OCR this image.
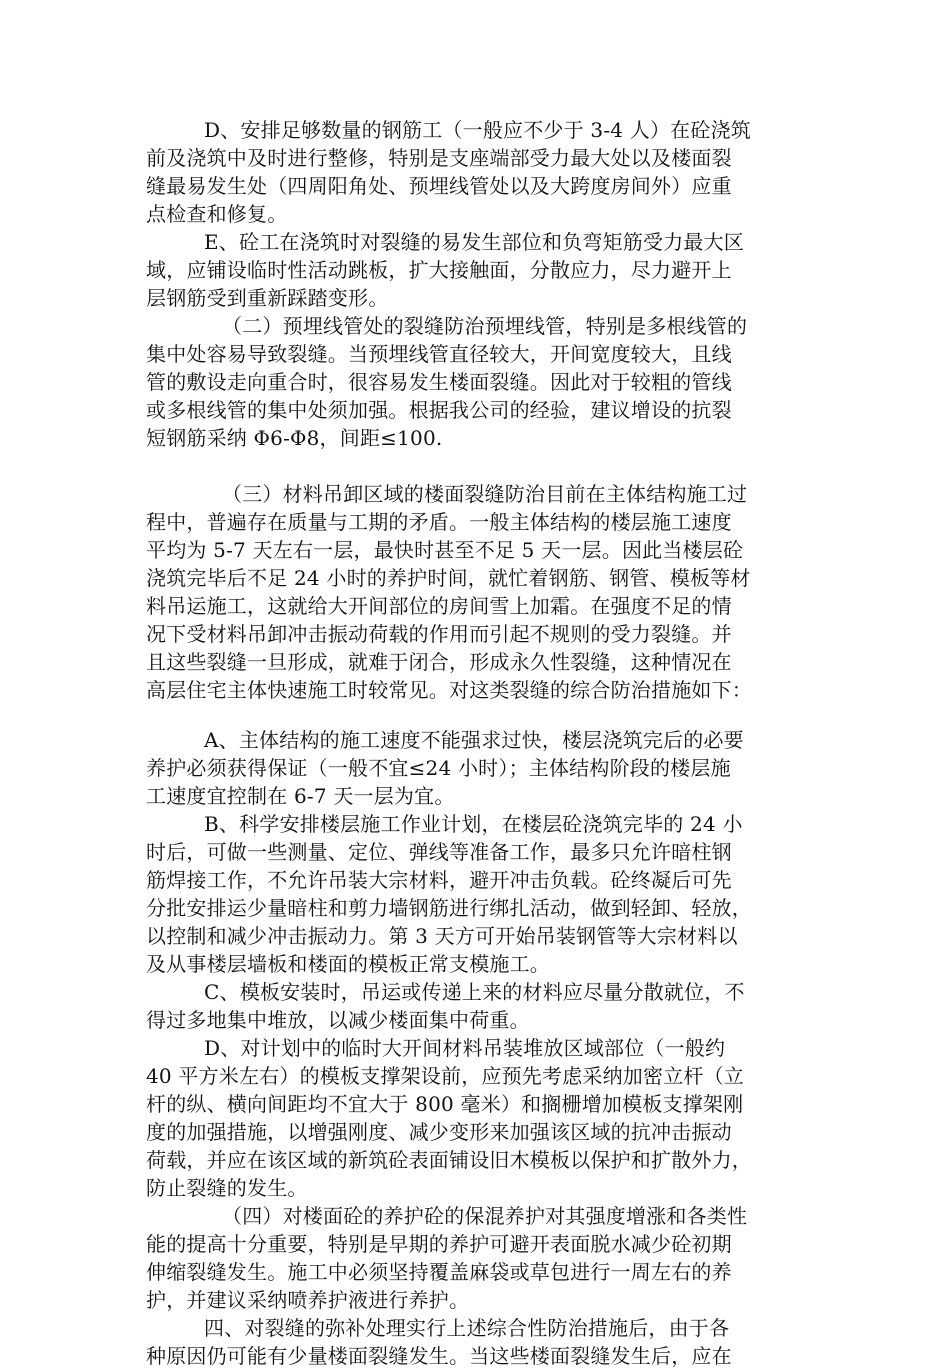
D、安排足够数量的钢筋工（一般应不少于 3-4 人）在砼浇筑
前及浇筑中及时进行整修，特别是支座端部受力最大处以及楼面裂
缝最易发生处（四周阳角处、预埋线管处以及大跨度房间外）应重
点检查和修复。
E、砼工在浇筑时对裂缝的易发生部位和负弯矩筋受力最大区
域，应铺设临时性活动跳板，扩大接触面，分散应力，尽力避开上
层钢筋受到重新踩踏变形。
（二）预埋线管处的裂缝防治预埋线管，特别是多根线管的
集中处容易导致裂缝。当预埋线管直径较大，开间宽度较大，且线
管的敷设走向重合时，很容易发生楼面裂缝。因此对于较粗的管线
或多根线管的集中处须加强。根据我公司的经验，建议增设的抗裂
短钢筋采纳 Φ6-Φ8，间距≤100.
（三）材料吊卸区域的楼面裂缝防治目前在主体结构施工过
程中，普遍存在质量与工期的矛盾。一般主体结构的楼层施工速度
平均为 5-7 天左右一层，最快时甚至不足 5 天一层。因此当楼层砼
浇筑完毕后不足 24 小时的养护时间，就忙着钢筋、钢管、模板等材
料吊运施工，这就给大开间部位的房间雪上加霜。在强度不足的情
况下受材料吊卸冲击振动荷载的作用而引起不规则的受力裂缝。并
且这些裂缝一旦形成，就难于闭合，形成永久性裂缝，这种情况在
高层住宅主体快速施工时较常见。对这类裂缝的综合防治措施如下：
A、主体结构的施工速度不能强求过快，楼层浇筑完后的必要
养护必须获得保证（一般不宜≤24 小时）；主体结构阶段的楼层施
工速度宜控制在 6-7 天一层为宜。
B、科学安排楼层施工作业计划，在楼层砼浇筑完毕的 24 小
时后，可做一些测量、定位、弹线等准备工作，最多只允许暗柱钢
筋焊接工作，不允许吊装大宗材料，避开冲击负载。砼终凝后可先
分批安排运少量暗柱和剪力墙钢筋进行绑扎活动，做到轻卸、轻放，
以控制和减少冲击振动力。第 3 天方可开始吊装钢管等大宗材料以
及从事楼层墙板和楼面的模板正常支模施工。
C、模板安装时，吊运或传递上来的材料应尽量分散就位，不
得过多地集中堆放，以减少楼面集中荷重。
D、对计划中的临时大开间材料吊装堆放区域部位（一般约
40 平方米左右）的模板支撑架设前，应预先考虑采纳加密立杆（立
杆的纵、横向间距均不宜大于 800 毫米）和搁栅增加模板支撑架刚
度的加强措施，以增强刚度、减少变形来加强该区域的抗冲击振动
荷载，并应在该区域的新筑砼表面铺设旧木模板以保护和扩散外力，
防止裂缝的发生。
（四）对楼面砼的养护砼的保混养护对其强度增涨和各类性
能的提高十分重要，特别是早期的养护可避开表面脱水减少砼初期
伸缩裂缝发生。施工中必须坚持覆盖麻袋或草包进行一周左右的养
护，并建议采纳喷养护液进行养护。
四、对裂缝的弥补处理实行上述综合性防治措施后，由于各
种原因仍可能有少量楼面裂缝发生。当这些楼面裂缝发生后，应在
